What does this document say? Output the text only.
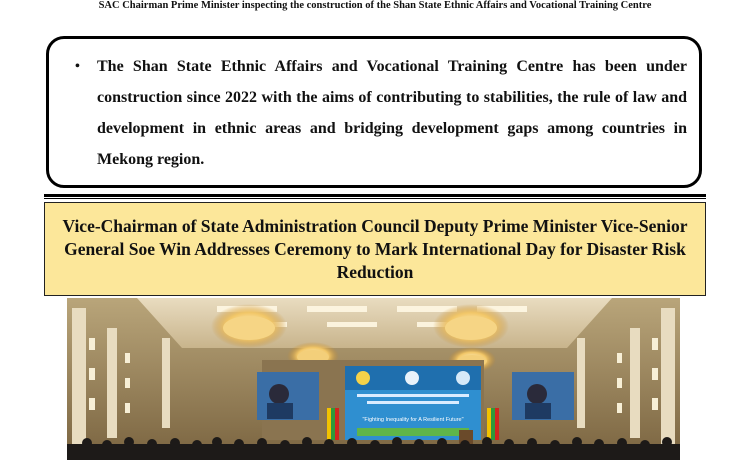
SAC Chairman Prime Minister inspecting the construction of the Shan State Ethnic Affairs and Vocational Training Centre
• The Shan State Ethnic Affairs and Vocational Training Centre has been under construction since 2022 with the aims of contributing to stabilities, the rule of law and development in ethnic areas and bridging development gaps among countries in Mekong region.
Vice-Chairman of State Administration Council Deputy Prime Minister Vice-Senior General Soe Win Addresses Ceremony to Mark International Day for Disaster Risk Reduction
"Fighting Inequality for A Resilient Future"
